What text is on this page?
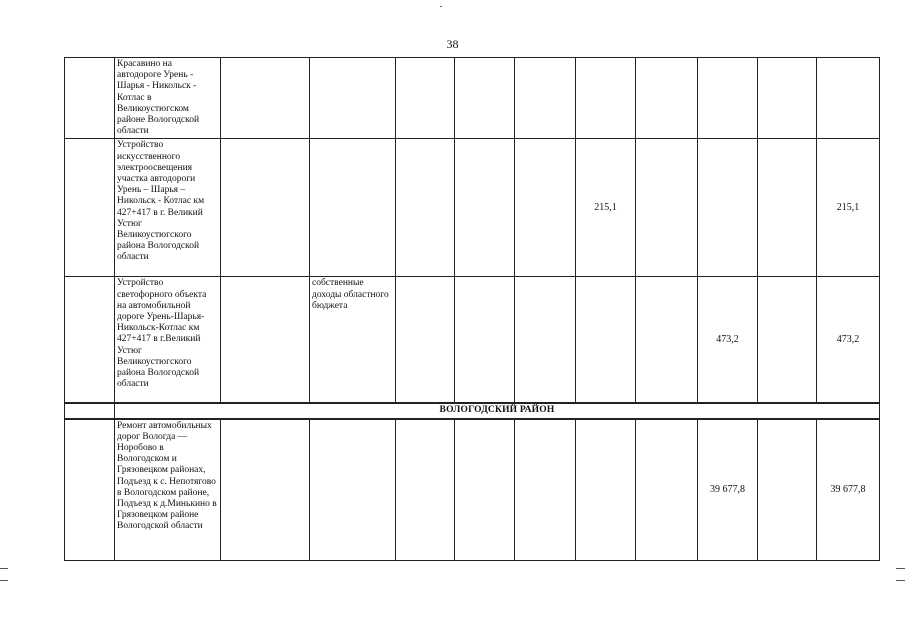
38
	Красавино на автодороге Урень - Шарья - Никольск - Котлас в Великоустюгском районе Вологодской области										
	Устройство искусственного электроосвещения участка автодороги Урень – Шарья – Никольск - Котлас км 427+417 в г. Великий Устюг Великоустюгского района Вологодской области						215,1				215,1
	Устройство светофорного объекта на автомобильной дороге Урень-Шарья-Никольск-Котлас км 427+417 в г.Великий Устюг Великоустюгского района Вологодской области		собственные доходы областного бюджета						473,2		473,2
	ВОЛОГОДСКИЙ РАЙОН										
	Ремонт автомобильных дорог Вологда — Норобово в Вологодском и Грязовецком районах, Подъезд к с. Непотягово в Вологодском районе, Подъезд к д.Минькино в Грязовецком районе Вологодской области								39 677,8		39 677,8
